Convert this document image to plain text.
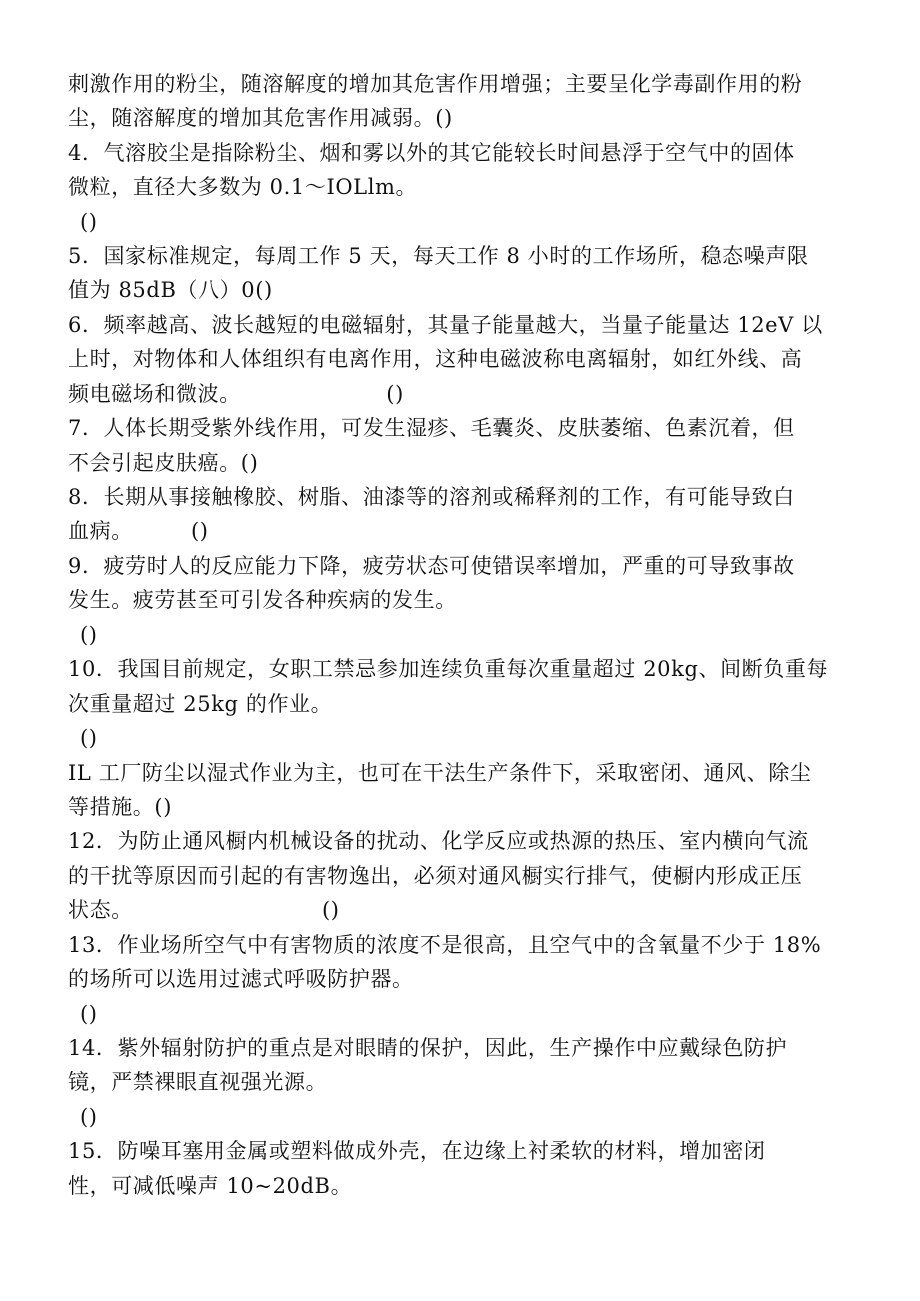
刺激作用的粉尘，随溶解度的增加其危害作用增强；主要呈化学毒副作用的粉
尘，随溶解度的增加其危害作用减弱。()
4．气溶胶尘是指除粉尘、烟和雾以外的其它能较长时间悬浮于空气中的固体
微粒，直径大多数为 0.1～IOLlm。
()
5．国家标准规定，每周工作 5 天，每天工作 8 小时的工作场所，稳态噪声限
值为 85dB（八）0()
6．频率越高、波长越短的电磁辐射，其量子能量越大，当量子能量达 12eV 以
上时，对物体和人体组织有电离作用，这种电磁波称电离辐射，如红外线、高
频电磁场和微波。                    ()
7．人体长期受紫外线作用，可发生湿疹、毛囊炎、皮肤萎缩、色素沉着，但
不会引起皮肤癌。()
8．长期从事接触橡胶、树脂、油漆等的溶剂或稀释剂的工作，有可能导致白
血病。        ()
9．疲劳时人的反应能力下降，疲劳状态可使错误率增加，严重的可导致事故
发生。疲劳甚至可引发各种疾病的发生。
()
10．我国目前规定，女职工禁忌参加连续负重每次重量超过 20kg、间断负重每
次重量超过 25kg 的作业。
()
IL 工厂防尘以湿式作业为主，也可在干法生产条件下，采取密闭、通风、除尘
等措施。()
12．为防止通风橱内机械设备的扰动、化学反应或热源的热压、室内横向气流
的干扰等原因而引起的有害物逸出，必须对通风橱实行排气，使橱内形成正压
状态。                          ()
13．作业场所空气中有害物质的浓度不是很高，且空气中的含氧量不少于 18%
的场所可以选用过滤式呼吸防护器。
()
14．紫外辐射防护的重点是对眼睛的保护，因此，生产操作中应戴绿色防护
镜，严禁裸眼直视强光源。
()
15．防噪耳塞用金属或塑料做成外壳，在边缘上衬柔软的材料，增加密闭
性，可减低噪声 10~20dB。
